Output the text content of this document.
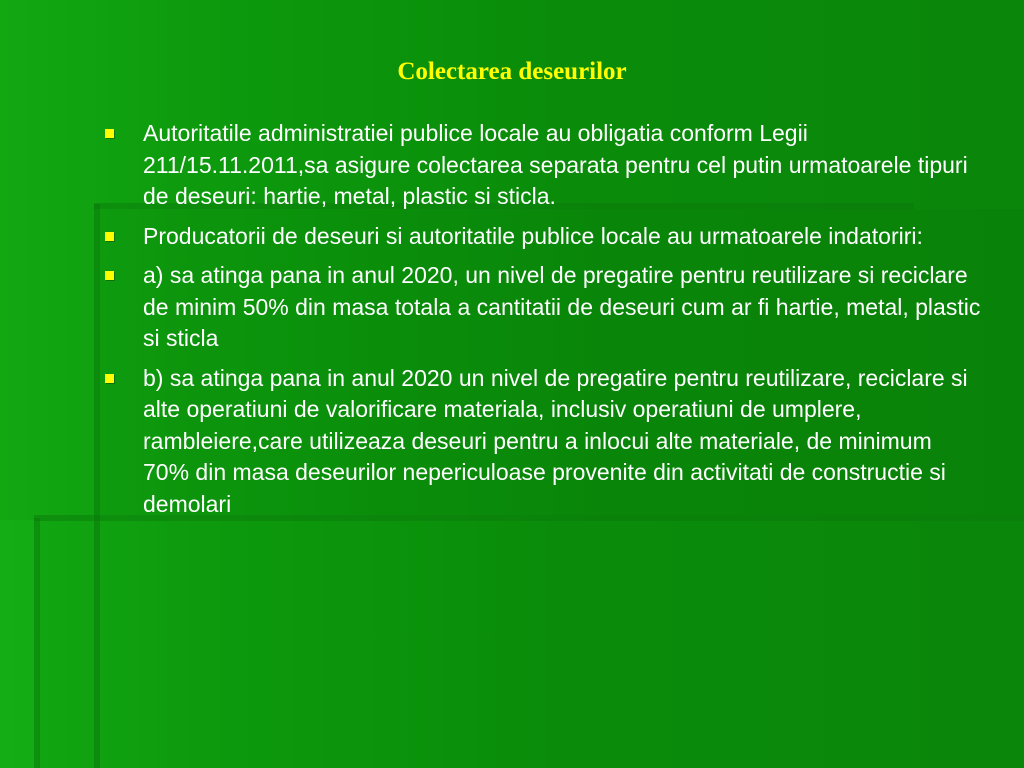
Colectarea deseurilor
Autoritatile administratiei publice locale au obligatia conform Legii 211/15.11.2011,sa asigure colectarea separata pentru cel putin urmatoarele tipuri de deseuri: hartie, metal, plastic si sticla.
Producatorii de deseuri si autoritatile publice locale au urmatoarele indatoriri:
a) sa atinga pana in anul 2020, un nivel de pregatire pentru reutilizare si reciclare de minim 50% din masa totala a cantitatii de deseuri cum ar fi hartie, metal, plastic si sticla
b) sa atinga pana in anul 2020 un nivel de pregatire pentru reutilizare, reciclare si alte operatiuni de valorificare materiala, inclusiv operatiuni de umplere, rambleiere,care utilizeaza deseuri pentru a inlocui alte materiale, de minimum 70% din masa deseurilor nepericuloase provenite din activitati de constructie si demolari
